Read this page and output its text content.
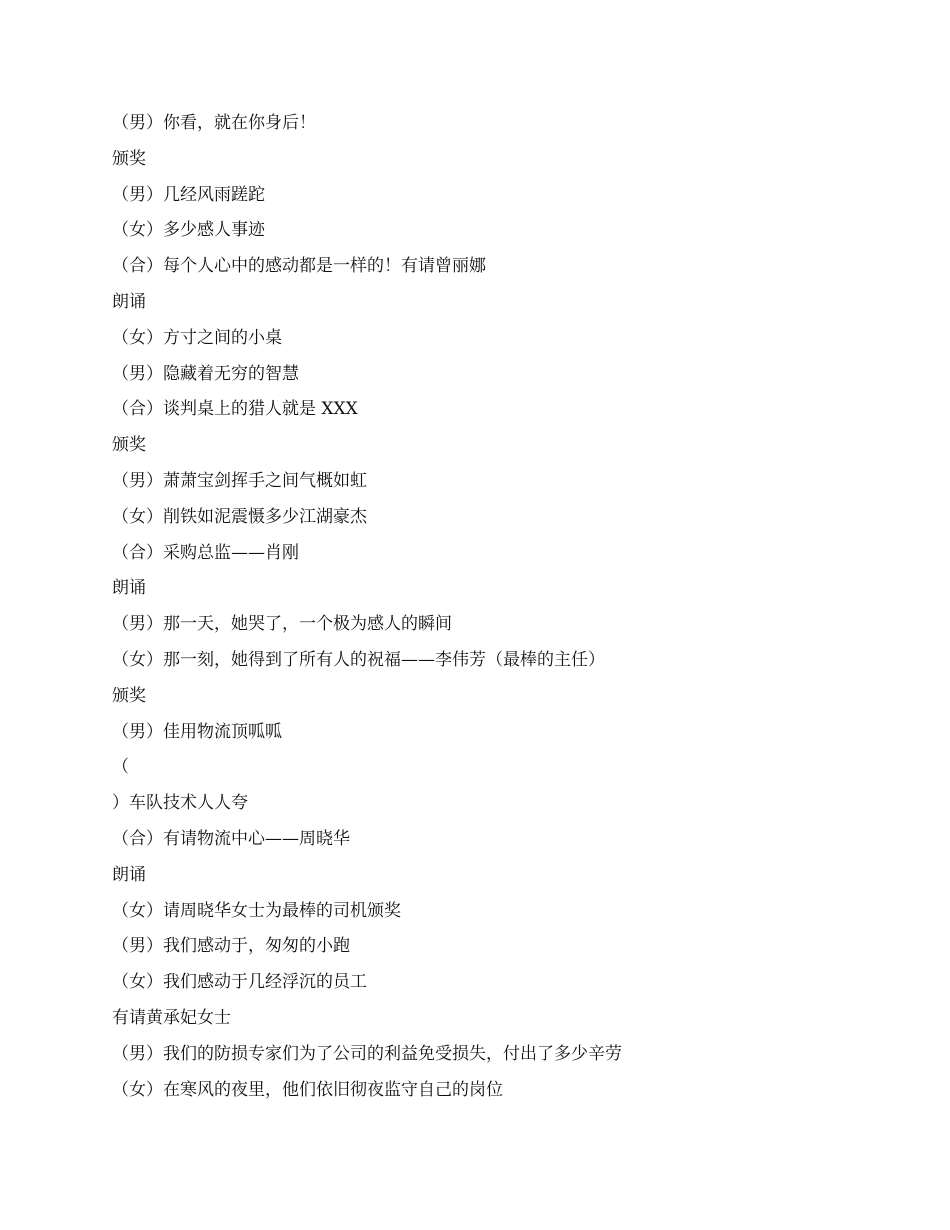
（男）你看，就在你身后！
颁奖
（男）几经风雨蹉跎
（女）多少感人事迹
（合）每个人心中的感动都是一样的！有请曾丽娜
朗诵
（女）方寸之间的小桌
（男）隐藏着无穷的智慧
（合）谈判桌上的猎人就是 XXX
颁奖
（男）萧萧宝剑挥手之间气概如虹
（女）削铁如泥震慑多少江湖豪杰
（合）采购总监——肖刚
朗诵
（男）那一天，她哭了，一个极为感人的瞬间
（女）那一刻，她得到了所有人的祝福——李伟芳（最棒的主任）
颁奖
（男）佳用物流顶呱呱
（
）车队技术人人夸
（合）有请物流中心——周晓华
朗诵
（女）请周晓华女士为最棒的司机颁奖
（男）我们感动于，匆匆的小跑
（女）我们感动于几经浮沉的员工
有请黄承妃女士
（男）我们的防损专家们为了公司的利益免受损失，付出了多少辛劳
（女）在寒风的夜里，他们依旧彻夜监守自己的岗位
